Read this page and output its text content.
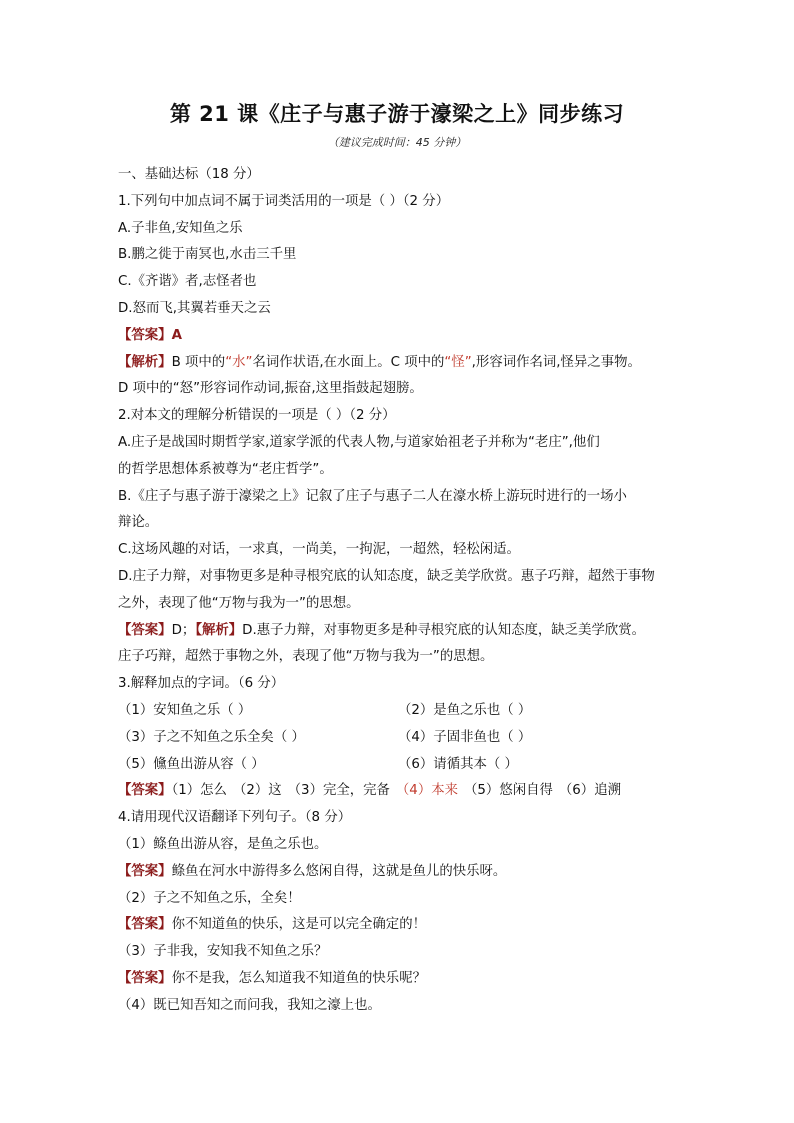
第 21 课《庄子与惠子游于濠梁之上》同步练习
（建议完成时间：45 分钟）
一、基础达标（18 分）
1.下列句中加点词不属于词类活用的一项是（ ）（2 分）
A.子非鱼,安知鱼之乐
B.鹏之徙于南冥也,水击三千里
C.《齐谐》者,志怪者也
D.怒而飞,其翼若垂天之云
【答案】A
【解析】B 项中的“水”名词作状语,在水面上。C 项中的“怪”,形容词作名词,怪异之事物。
D 项中的“怒”形容词作动词,振奋,这里指鼓起翅膀。
2.对本文的理解分析错误的一项是（ ）（2 分）
A.庄子是战国时期哲学家,道家学派的代表人物,与道家始祖老子并称为“老庄”,他们
的哲学思想体系被尊为“老庄哲学”。
B.《庄子与惠子游于濠梁之上》记叙了庄子与惠子二人在濠水桥上游玩时进行的一场小
辩论。
C.这场风趣的对话，一求真，一尚美，一拘泥，一超然，轻松闲适。
D.庄子力辩，对事物更多是种寻根究底的认知态度，缺乏美学欣赏。惠子巧辩，超然于事物
之外，表现了他“万物与我为一”的思想。
【答案】D；【解析】D.惠子力辩，对事物更多是种寻根究底的认知态度，缺乏美学欣赏。
庄子巧辩，超然于事物之外，表现了他“万物与我为一”的思想。
3.解释加点的字词。（6 分）
（1）安知鱼之乐（ ）	（2）是鱼之乐也（ ）
（3）子之不知鱼之乐全矣（ ）	（4）子固非鱼也（ ）
（5）儵鱼出游从容（ ）	（6）请循其本（ ）
【答案】（1）怎么 （2）这 （3）完全，完备 （4）本来 （5）悠闲自得 （6）追溯
4.请用现代汉语翻译下列句子。（8 分）
（1）鲦鱼出游从容，是鱼之乐也。
【答案】鲦鱼在河水中游得多么悠闲自得，这就是鱼儿的快乐呀。
（2）子之不知鱼之乐，全矣！
【答案】你不知道鱼的快乐，这是可以完全确定的！
（3）子非我，安知我不知鱼之乐？
【答案】你不是我，怎么知道我不知道鱼的快乐呢？
（4）既已知吾知之而问我，我知之濠上也。
